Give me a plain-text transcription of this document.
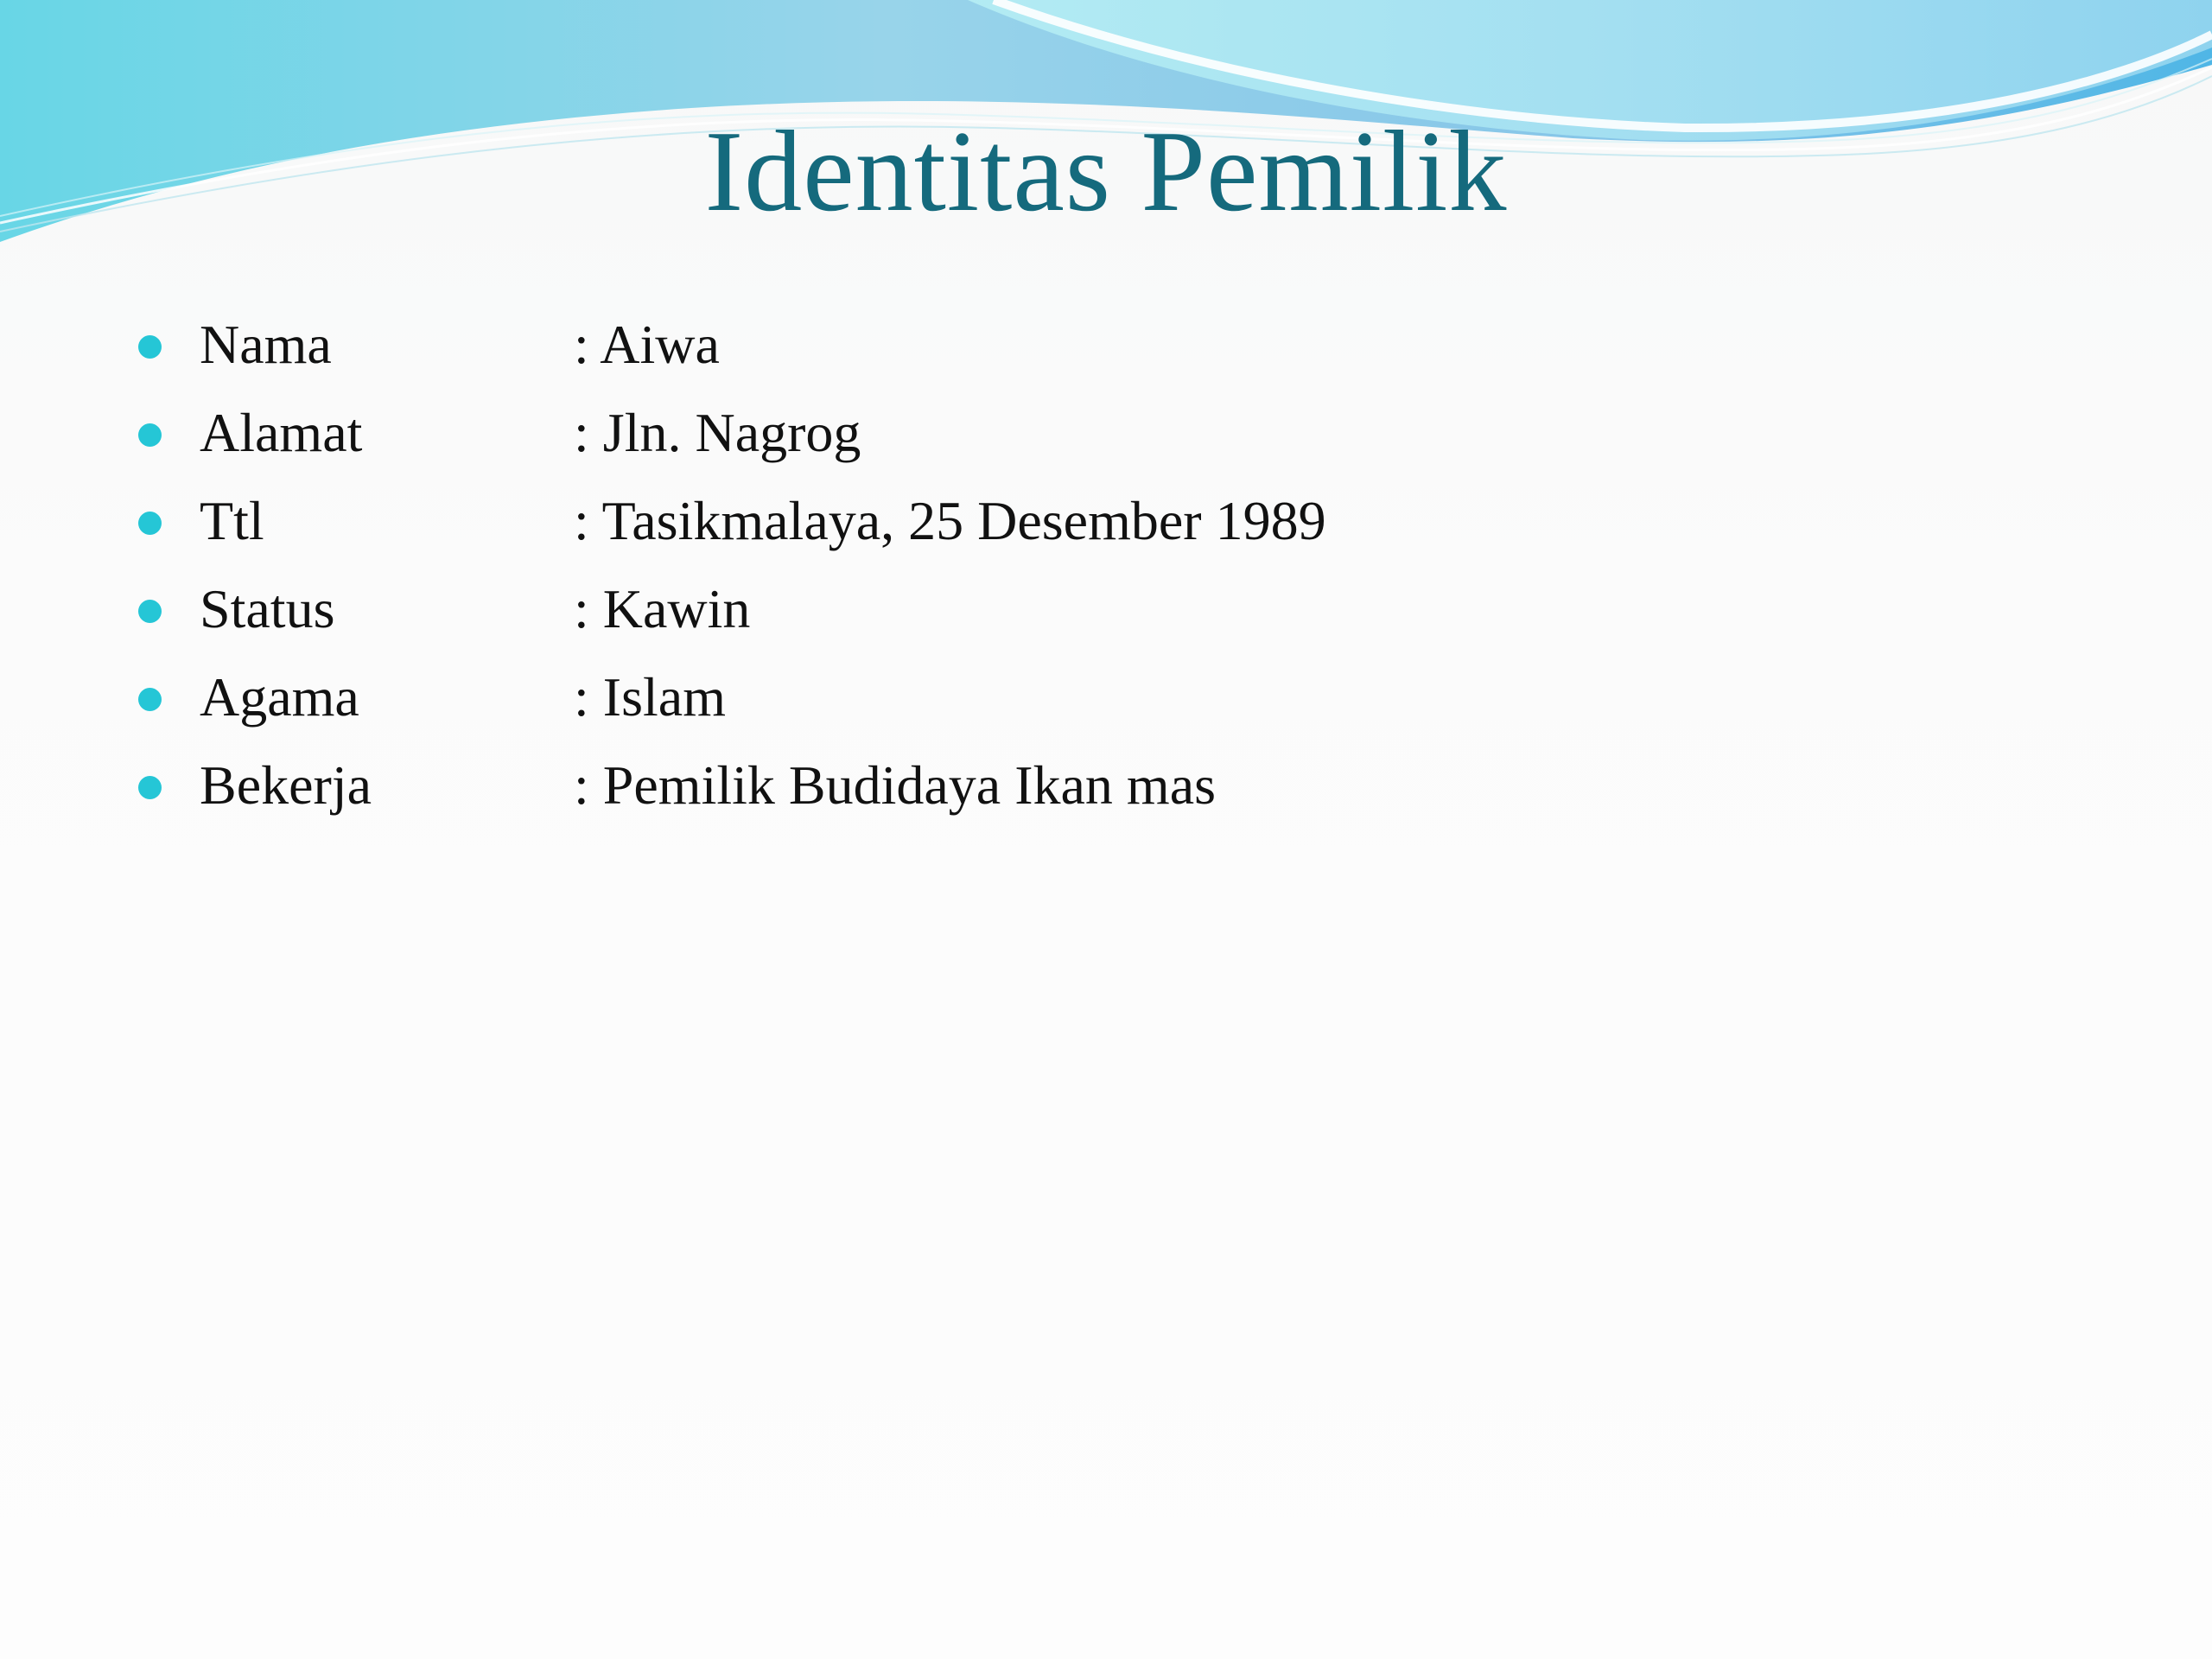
Identitas Pemilik
Nama	: Aiwa
Alamat	: Jln. Nagrog
Ttl	: Tasikmalaya, 25 Desember 1989
Status	: Kawin
Agama	: Islam
Bekerja	: Pemilik Budidaya Ikan mas
